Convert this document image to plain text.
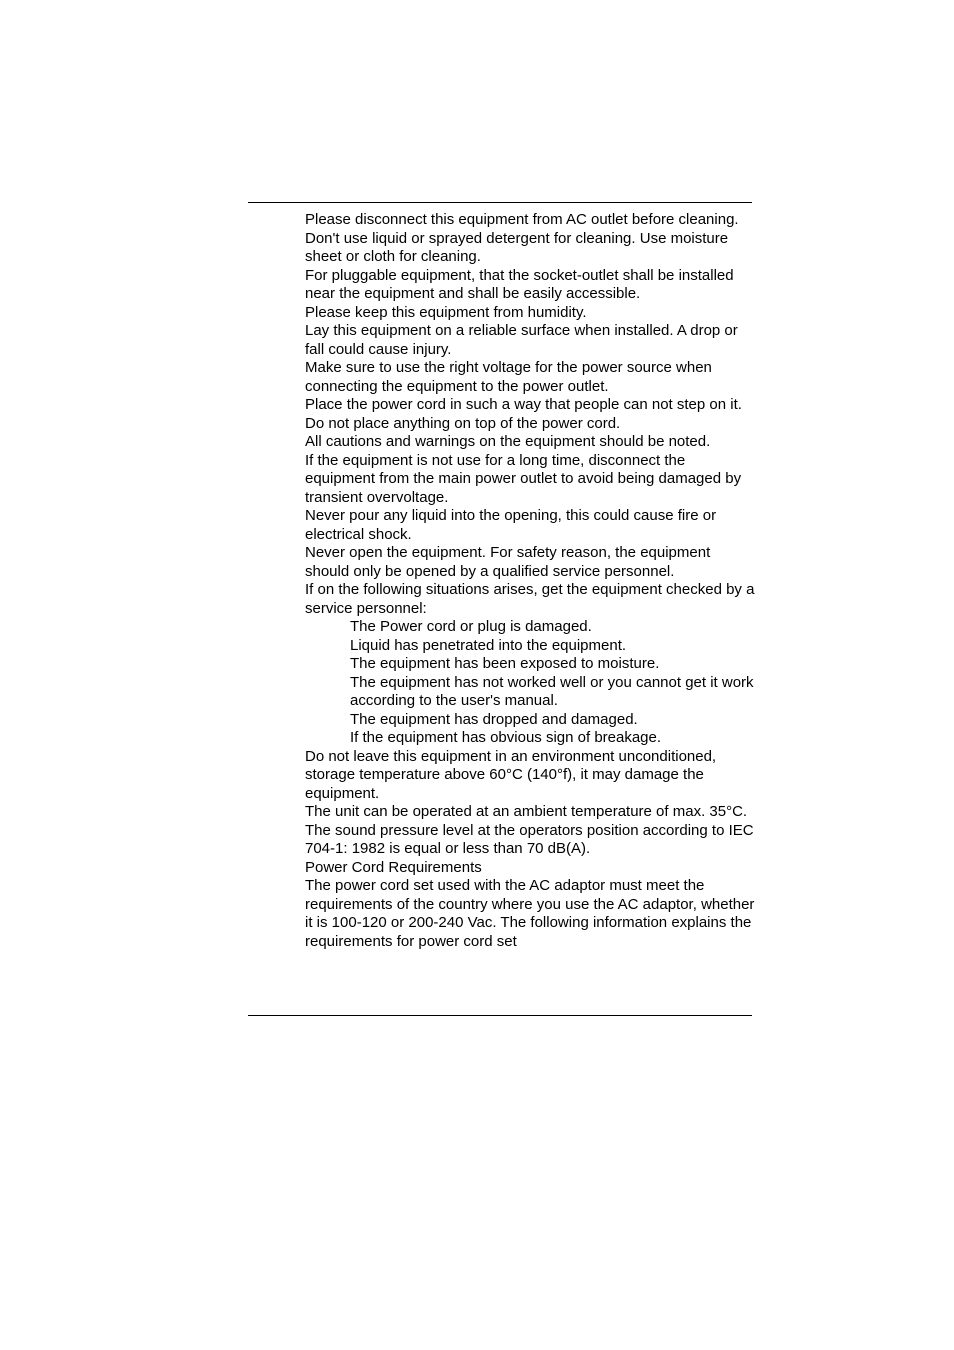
Please disconnect this equipment from AC outlet before cleaning. Don't use liquid or sprayed detergent for cleaning. Use moisture sheet or cloth for cleaning.

For pluggable equipment, that the socket-outlet shall be installed near the equipment and shall be easily accessible.

Please keep this equipment from humidity.

Lay this equipment on a reliable surface when installed. A drop or fall could cause injury.

Make sure to use the right voltage for the power source when connecting the equipment to the power outlet.

Place the power cord in such a way that people can not step on it. Do not place anything on top of the power cord.

All cautions and warnings on the equipment should be noted.

If the equipment is not use for a long time, disconnect the equipment from the main power outlet to avoid being damaged by transient overvoltage.

Never pour any liquid into the opening, this could cause fire or electrical shock.

Never open the equipment. For safety reason, the equipment should only be opened by a qualified service personnel.

If on the following situations arises, get the equipment checked by a service personnel:

The Power cord or plug is damaged.

Liquid has penetrated into the equipment.

The equipment has been exposed to moisture.

The equipment has not worked well or you cannot get it work according to the user's manual.

The equipment has dropped and damaged.

If the equipment has obvious sign of breakage.

Do not leave this equipment in an environment unconditioned, storage temperature above 60°C (140°f), it may damage the equipment.

The unit can be operated at an ambient temperature of max. 35°C.

The sound pressure level at the operators position according to IEC 704-1: 1982 is equal or less than 70 dB(A).

Power Cord Requirements

The power cord set used with the AC adaptor must meet the requirements of the country where you use the AC adaptor, whether it is 100-120 or 200-240 Vac. The following information explains the requirements for power cord set
